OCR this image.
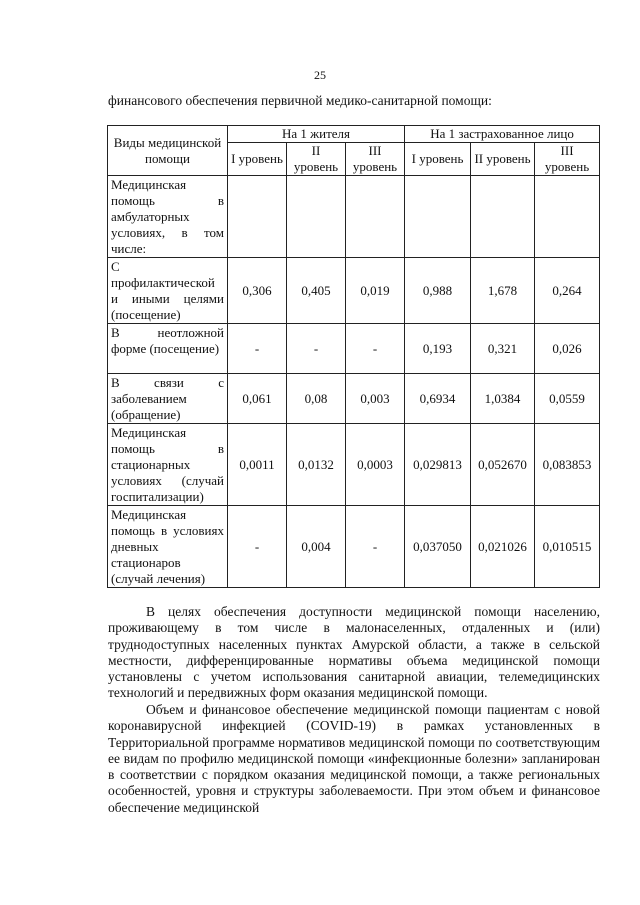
25
финансового обеспечения первичной медико-санитарной помощи:
Виды медицинской помощи	На 1 жителя			На 1 застрахованное лицо		
	I уровень	II уровень	III уровень	I уровень	II уровень	III уровень
Медицинская помощь в амбулаторных условиях, в том числе:						
С профилактической и иными целями (посещение)	0,306	0,405	0,019	0,988	1,678	0,264
В неотложной форме (посещение)	-	-	-	0,193	0,321	0,026
В связи с заболеванием (обращение)	0,061	0,08	0,003	0,6934	1,0384	0,0559
Медицинская помощь в стационарных условиях (случай госпитализации)	0,0011	0,0132	0,0003	0,029813	0,052670	0,083853
Медицинская помощь в условиях дневных стационаров (случай лечения)	-	0,004	-	0,037050	0,021026	0,010515

В целях обеспечения доступности медицинской помощи населению, проживающему в том числе в малонаселенных, отдаленных и (или) труднодоступных населенных пунктах Амурской области, а также в сельской местности, дифференцированные нормативы объема медицинской помощи установлены с учетом использования санитарной авиации, телемедицинских технологий и передвижных форм оказания медицинской помощи.

Объем и финансовое обеспечение медицинской помощи пациентам с новой коронавирусной инфекцией (COVID-19) в рамках установленных в Территориальной программе нормативов медицинской помощи по соответствующим ее видам по профилю медицинской помощи «инфекционные болезни» запланирован в соответствии с порядком оказания медицинской помощи, а также региональных особенностей, уровня и структуры заболеваемости. При этом объем и финансовое обеспечение медицинской
